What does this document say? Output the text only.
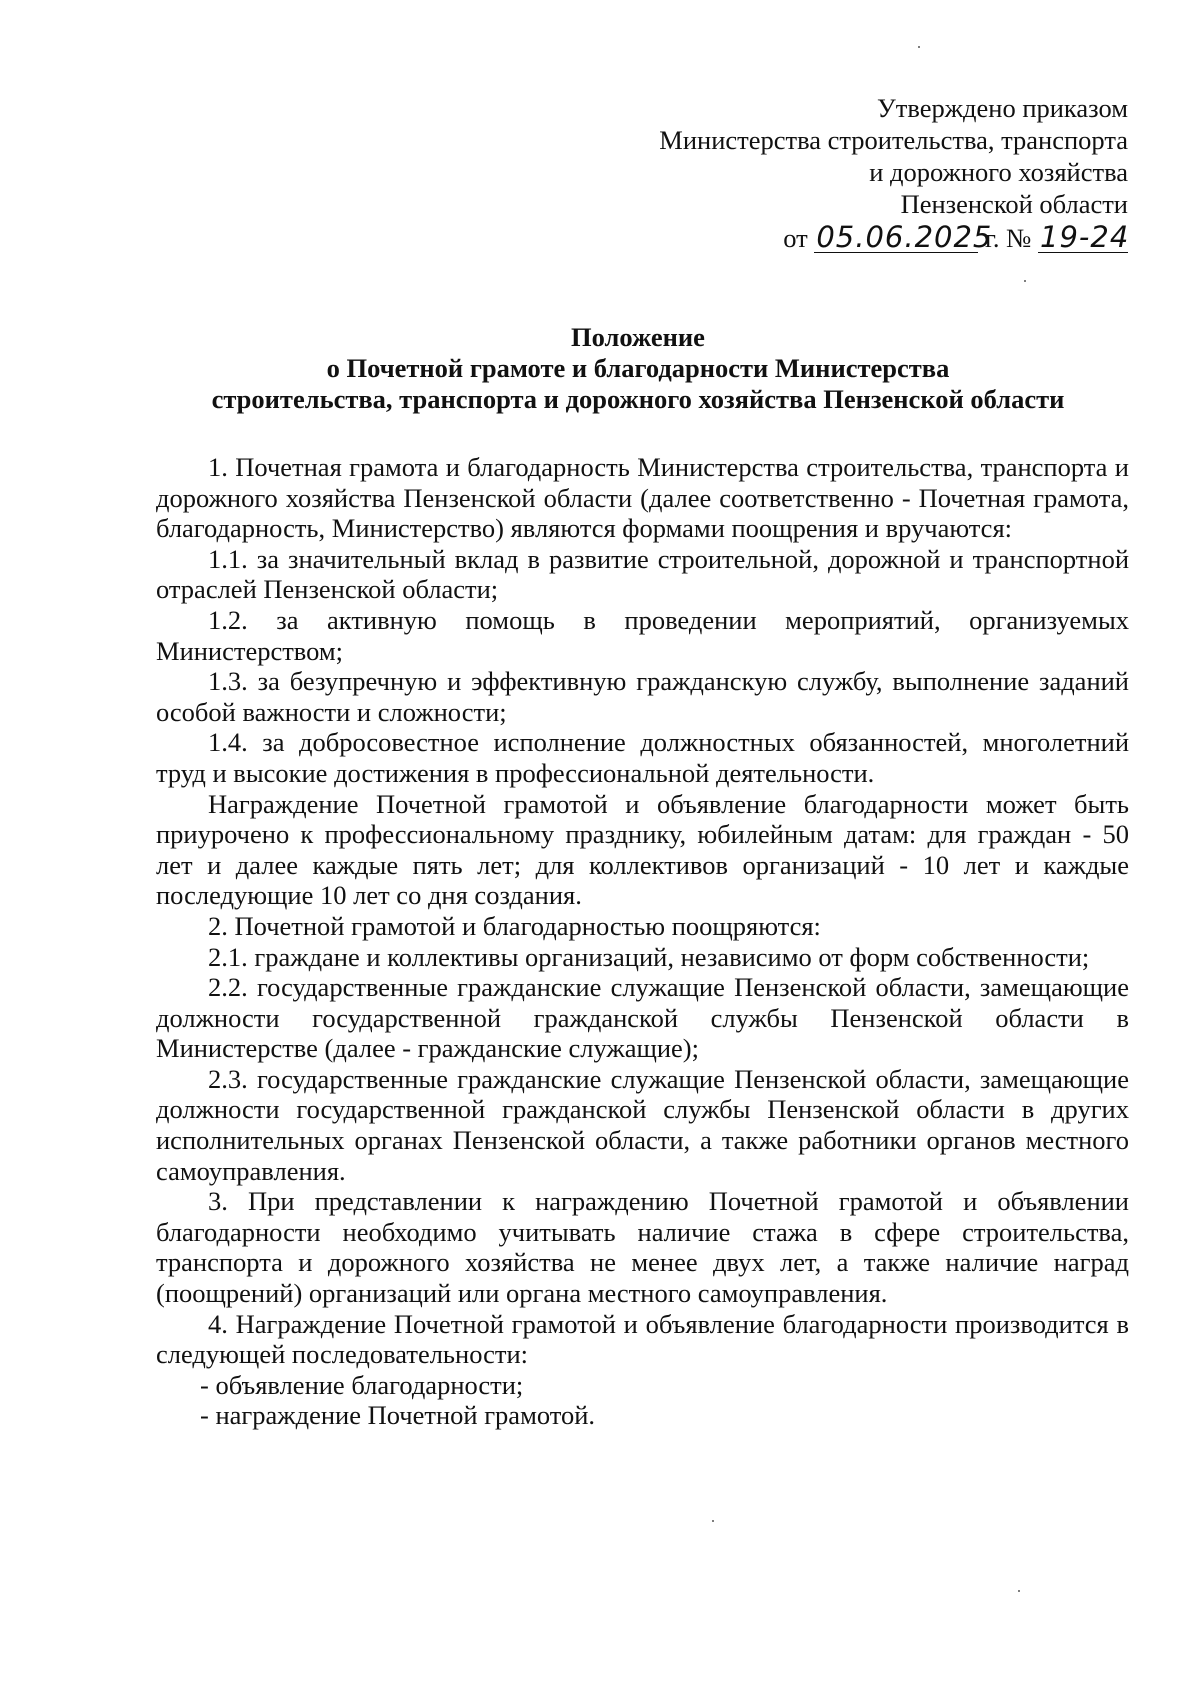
Утверждено приказом
Министерства строительства, транспорта
и дорожного хозяйства
Пензенской области
от 05.06.2025 г. № 19-24
Положение
о Почетной грамоте и благодарности Министерства
строительства, транспорта и дорожного хозяйства Пензенской области

1. Почетная грамота и благодарность Министерства строительства, транспорта и дорожного хозяйства Пензенской области (далее соответственно - Почетная грамота, благодарность, Министерство) являются формами поощрения и вручаются:

1.1. за значительный вклад в развитие строительной, дорожной и транспортной отраслей Пензенской области;

1.2. за активную помощь в проведении мероприятий, организуемых Министерством;

1.3. за безупречную и эффективную гражданскую службу, выполнение заданий особой важности и сложности;

1.4. за добросовестное исполнение должностных обязанностей, многолетний труд и высокие достижения в профессиональной деятельности.

Награждение Почетной грамотой и объявление благодарности может быть приурочено к профессиональному празднику, юбилейным датам: для граждан - 50 лет и далее каждые пять лет; для коллективов организаций - 10 лет и каждые последующие 10 лет со дня создания.

2. Почетной грамотой и благодарностью поощряются:

2.1. граждане и коллективы организаций, независимо от форм собственности;

2.2. государственные гражданские служащие Пензенской области, замещающие должности государственной гражданской службы Пензенской области в Министерстве (далее - гражданские служащие);

2.3. государственные гражданские служащие Пензенской области, замещающие должности государственной гражданской службы Пензенской области в других исполнительных органах Пензенской области, а также работники органов местного самоуправления.

3. При представлении к награждению Почетной грамотой и объявлении благодарности необходимо учитывать наличие стажа в сфере строительства, транспорта и дорожного хозяйства не менее двух лет, а также наличие наград (поощрений) организаций или органа местного самоуправления.

4. Награждение Почетной грамотой и объявление благодарности производится в следующей последовательности:

- объявление благодарности;

- награждение Почетной грамотой.
